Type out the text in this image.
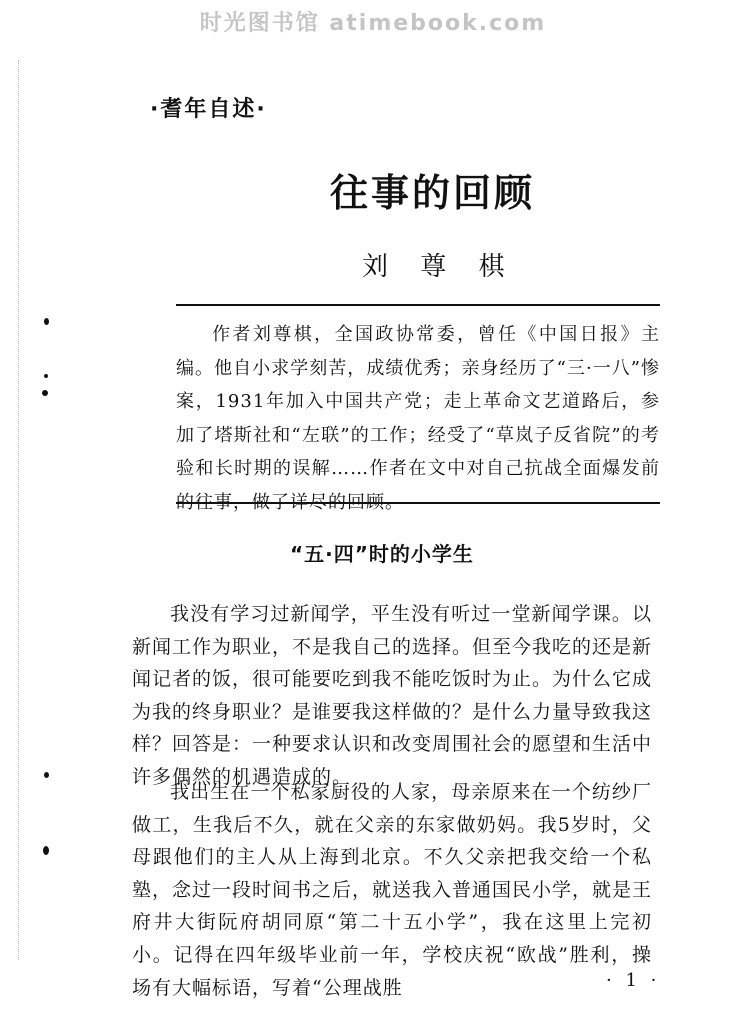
时光图书馆 atimebook.com
·耆年自述·
往事的回顾
刘 尊 棋

作者刘尊棋，全国政协常委，曾任《中国日报》主编。他自小求学刻苦，成绩优秀；亲身经历了“三·一八”惨案，1931年加入中国共产党；走上革命文艺道路后，参加了塔斯社和“左联”的工作；经受了“草岚子反省院”的考验和长时期的误解……作者在文中对自己抗战全面爆发前的往事，做了详尽的回顾。

“五·四”时的小学生

我没有学习过新闻学，平生没有听过一堂新闻学课。以新闻工作为职业，不是我自己的选择。但至今我吃的还是新闻记者的饭，很可能要吃到我不能吃饭时为止。为什么它成为我的终身职业？是谁要我这样做的？是什么力量导致我这样？回答是：一种要求认识和改变周围社会的愿望和生活中许多偶然的机遇造成的。

我出生在一个私家厨役的人家，母亲原来在一个纺纱厂做工，生我后不久，就在父亲的东家做奶妈。我5岁时，父母跟他们的主人从上海到北京。不久父亲把我交给一个私塾，念过一段时间书之后，就送我入普通国民小学，就是王府井大街阮府胡同原“第二十五小学”，我在这里上完初小。记得在四年级毕业前一年，学校庆祝“欧战”胜利，操场有大幅标语，写着“公理战胜	· 1 ·
